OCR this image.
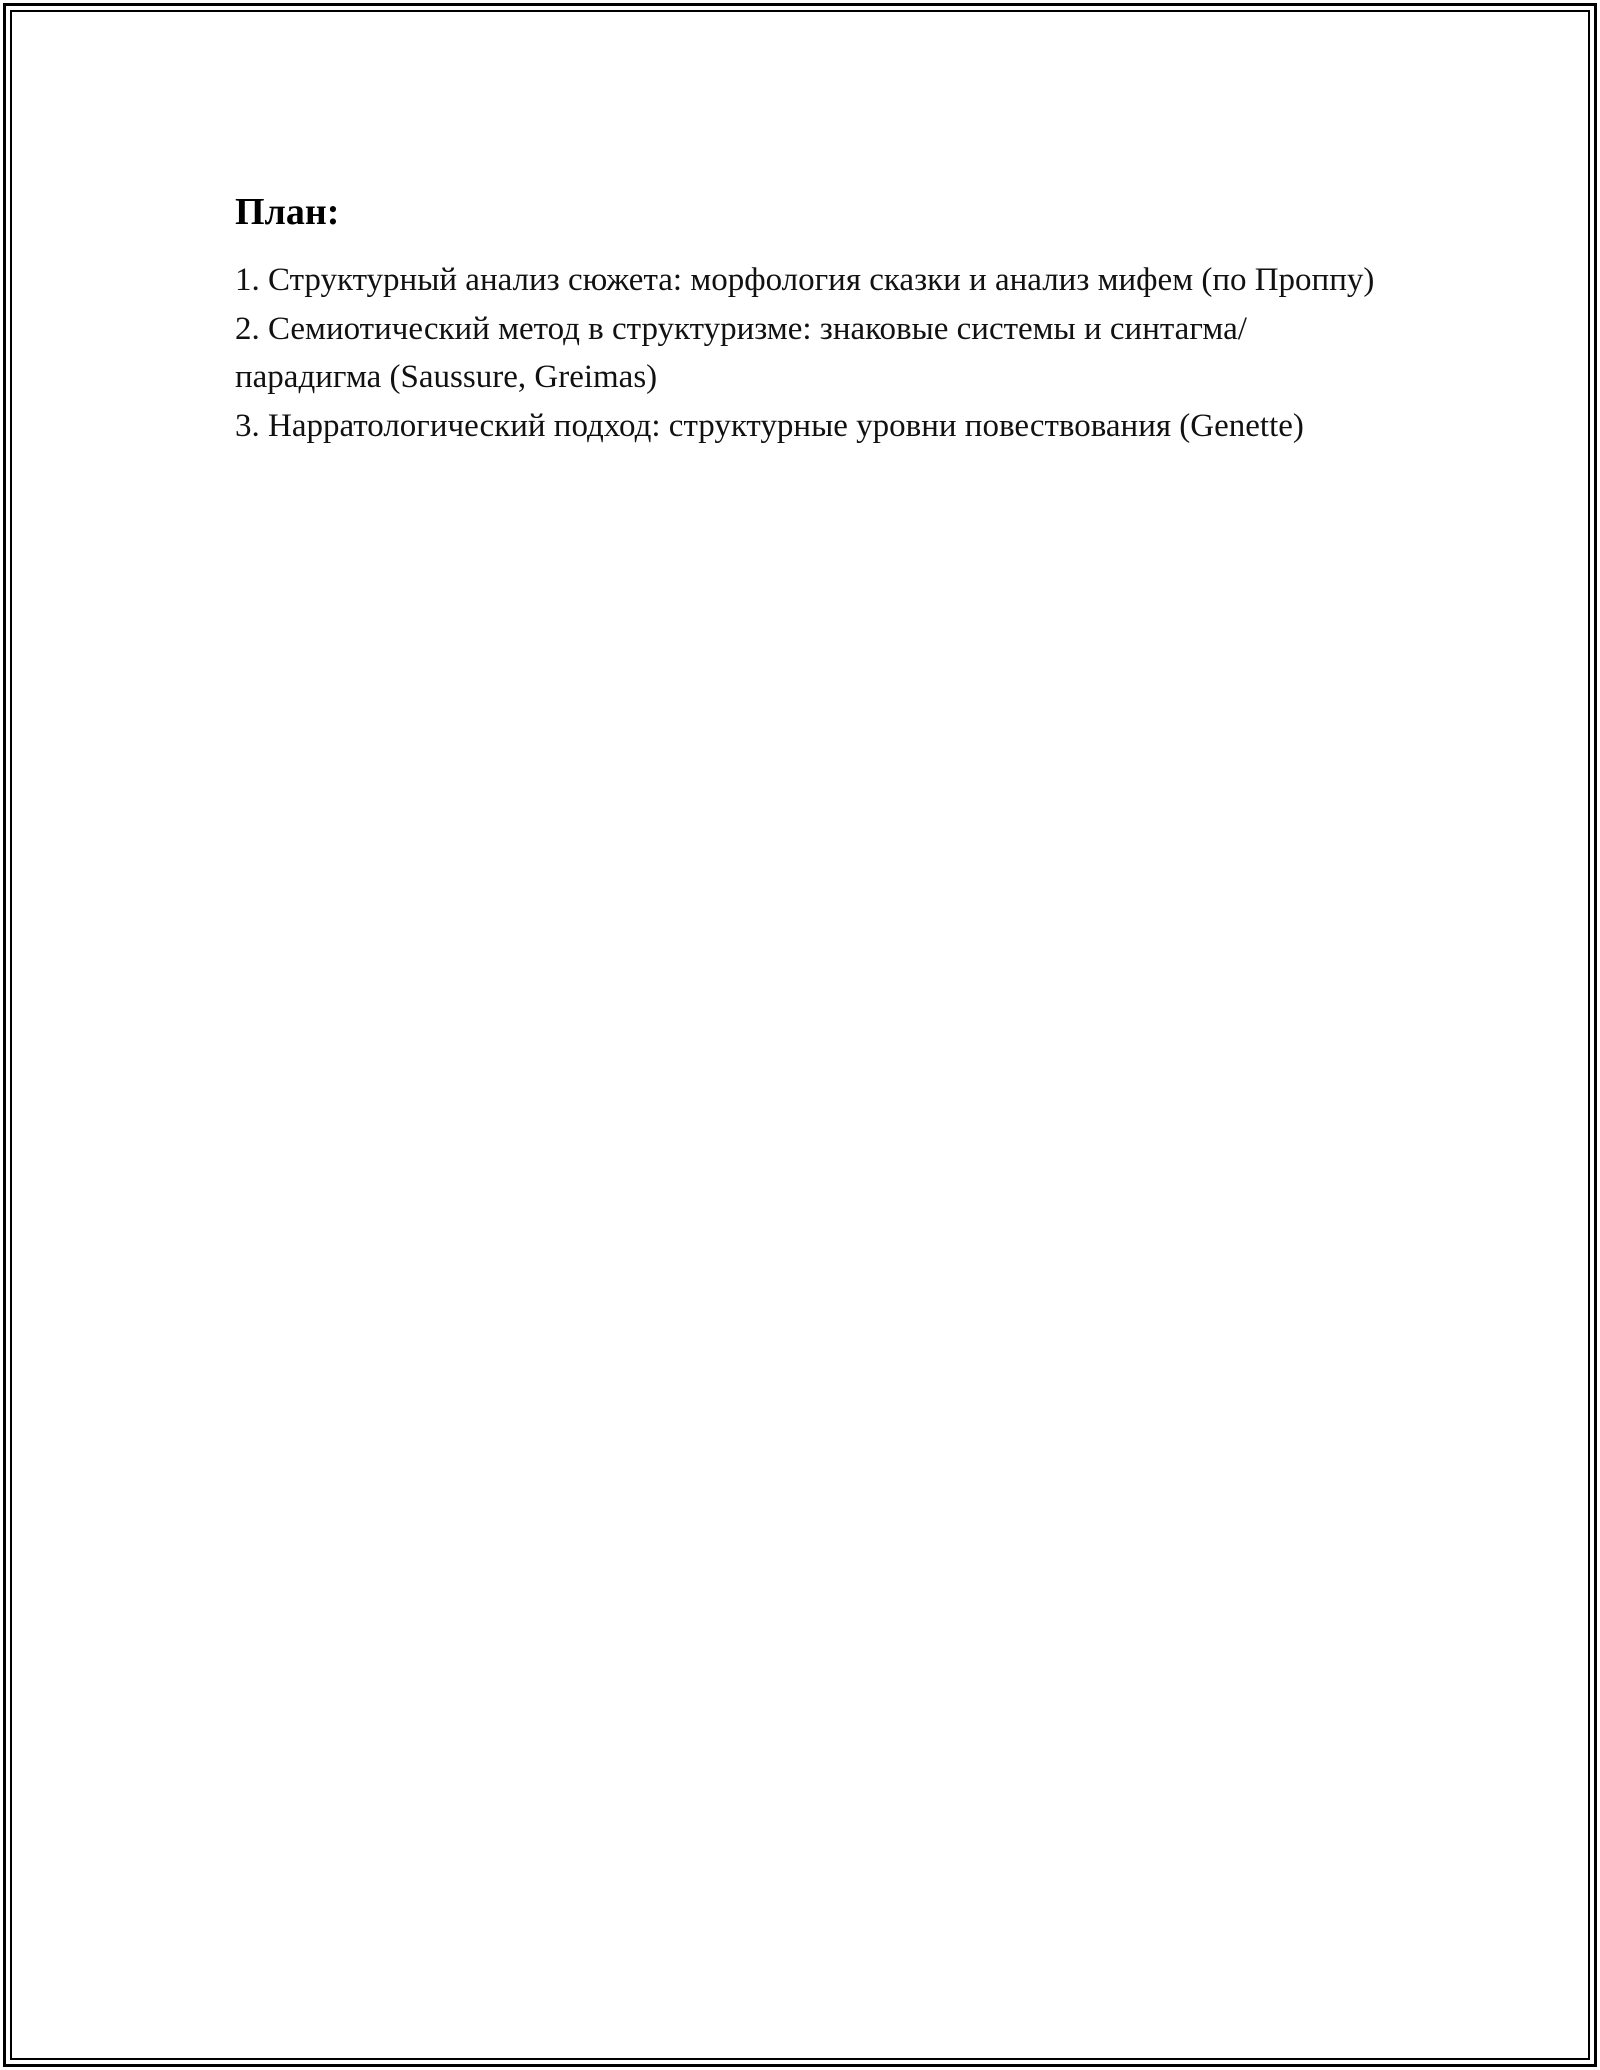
План:
1. Структурный анализ сюжета: морфология сказки и анализ мифем (по Проппу)
2. Семиотический метод в структуризме: знаковые системы и синтагма/парадигма (Saussure, Greimas)
3. Нарратологический подход: структурные уровни повествования (Genette)
